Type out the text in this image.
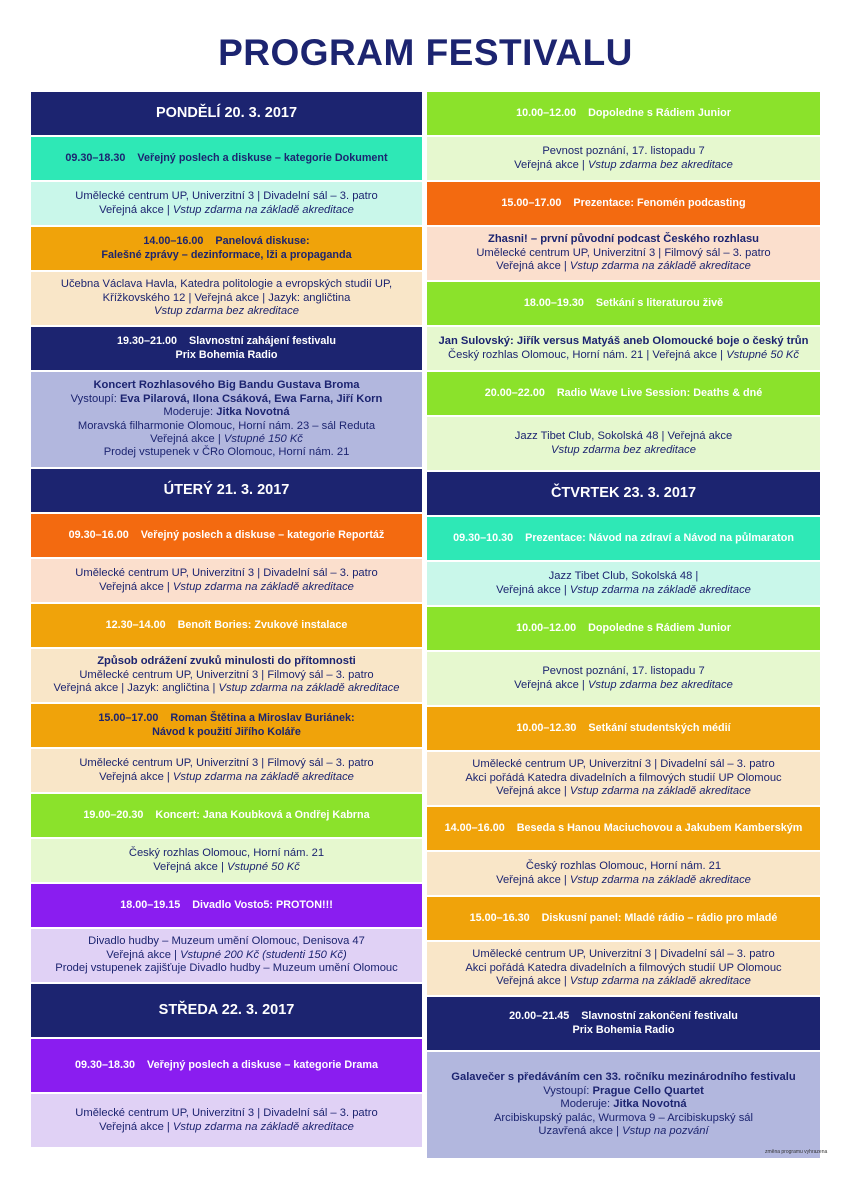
PROGRAM FESTIVALU
PONDĚLÍ 20. 3. 2017
09.30–18.30    Veřejný poslech a diskuse – kategorie Dokument
Umělecké centrum UP, Univerzitní 3 | Divadelní sál – 3. patro
Veřejná akce | Vstup zdarma na základě akreditace
14.00–16.00    Panelová diskuse:
Falešné zprávy – dezinformace, lži a propaganda
Učebna Václava Havla, Katedra politologie a evropských studií UP,
Křížkovského 12 | Veřejná akce | Jazyk: angličtina
Vstup zdarma bez akreditace
19.30–21.00    Slavnostní zahájení festivalu
Prix Bohemia Radio
Koncert Rozhlasového Big Bandu Gustava Broma
Vystoupí: Eva Pilarová, Ilona Csáková, Ewa Farna, Jiří Korn
Moderuje: Jitka Novotná
Moravská filharmonie Olomouc, Horní nám. 23 – sál Reduta
Veřejná akce | Vstupné 150 Kč
Prodej vstupenek v ČRo Olomouc, Horní nám. 21
ÚTERÝ 21. 3. 2017
09.30–16.00    Veřejný poslech a diskuse – kategorie Reportáž
Umělecké centrum UP, Univerzitní 3 | Divadelní sál – 3. patro
Veřejná akce | Vstup zdarma na základě akreditace
12.30–14.00    Benoît Bories: Zvukové instalace
Způsob odrážení zvuků minulosti do přítomnosti
Umělecké centrum UP, Univerzitní 3 | Filmový sál – 3. patro
Veřejná akce | Jazyk: angličtina | Vstup zdarma na základě akreditace
15.00–17.00    Roman Štětina a Miroslav Buriánek:
Návod k použití Jiřího Koláře
Umělecké centrum UP, Univerzitní 3 | Filmový sál – 3. patro
Veřejná akce | Vstup zdarma na základě akreditace
19.00–20.30    Koncert: Jana Koubková a Ondřej Kabrna
Český rozhlas Olomouc, Horní nám. 21
Veřejná akce | Vstupné 50 Kč
18.00–19.15    Divadlo Vosto5: PROTON!!!
Divadlo hudby – Muzeum umění Olomouc, Denisova 47
Veřejná akce | Vstupné 200 Kč (studenti 150 Kč)
Prodej vstupenek zajišťuje Divadlo hudby – Muzeum umění Olomouc
STŘEDA 22. 3. 2017
09.30–18.30    Veřejný poslech a diskuse – kategorie Drama
Umělecké centrum UP, Univerzitní 3 | Divadelní sál – 3. patro
Veřejná akce | Vstup zdarma na základě akreditace
10.00–12.00    Dopoledne s Rádiem Junior
Pevnost poznání, 17. listopadu 7
Veřejná akce | Vstup zdarma bez akreditace
15.00–17.00    Prezentace: Fenomén podcasting
Zhasni! – první původní podcast Českého rozhlasu
Umělecké centrum UP, Univerzitní 3 | Filmový sál – 3. patro
Veřejná akce | Vstup zdarma na základě akreditace
18.00–19.30    Setkání s literaturou živě
Jan Sulovský: Jiřík versus Matyáš aneb Olomoucké boje o český trůn
Český rozhlas Olomouc, Horní nám. 21 | Veřejná akce | Vstupné 50 Kč
20.00–22.00    Radio Wave Live Session: Deaths & dné
Jazz Tibet Club, Sokolská 48 | Veřejná akce
Vstup zdarma bez akreditace
ČTVRTEK 23. 3. 2017
09.30–10.30    Prezentace: Návod na zdraví a Návod na půlmaraton
Jazz Tibet Club, Sokolská 48 |
Veřejná akce | Vstup zdarma na základě akreditace
10.00–12.00    Dopoledne s Rádiem Junior
Pevnost poznání, 17. listopadu 7
Veřejná akce | Vstup zdarma bez akreditace
10.00–12.30    Setkání studentských médií
Umělecké centrum UP, Univerzitní 3 | Divadelní sál – 3. patro
Akci pořádá Katedra divadelních a filmových studií UP Olomouc
Veřejná akce | Vstup zdarma na základě akreditace
14.00–16.00    Beseda s Hanou Maciuchovou a Jakubem Kamberským
Český rozhlas Olomouc, Horní nám. 21
Veřejná akce | Vstup zdarma na základě akreditace
15.00–16.30    Diskusní panel: Mladé rádio – rádio pro mladé
Umělecké centrum UP, Univerzitní 3 | Divadelní sál – 3. patro
Akci pořádá Katedra divadelních a filmových studií UP Olomouc
Veřejná akce | Vstup zdarma na základě akreditace
20.00–21.45    Slavnostní zakončení festivalu
Prix Bohemia Radio
Galavečer s předáváním cen 33. ročníku mezinárodního festivalu
Vystoupí: Prague Cello Quartet
Moderuje: Jitka Novotná
Arcibiskupský palác, Wurmova 9 – Arcibiskupský sál
Uzavřená akce | Vstup na pozvání
změna programu vyhrazena
